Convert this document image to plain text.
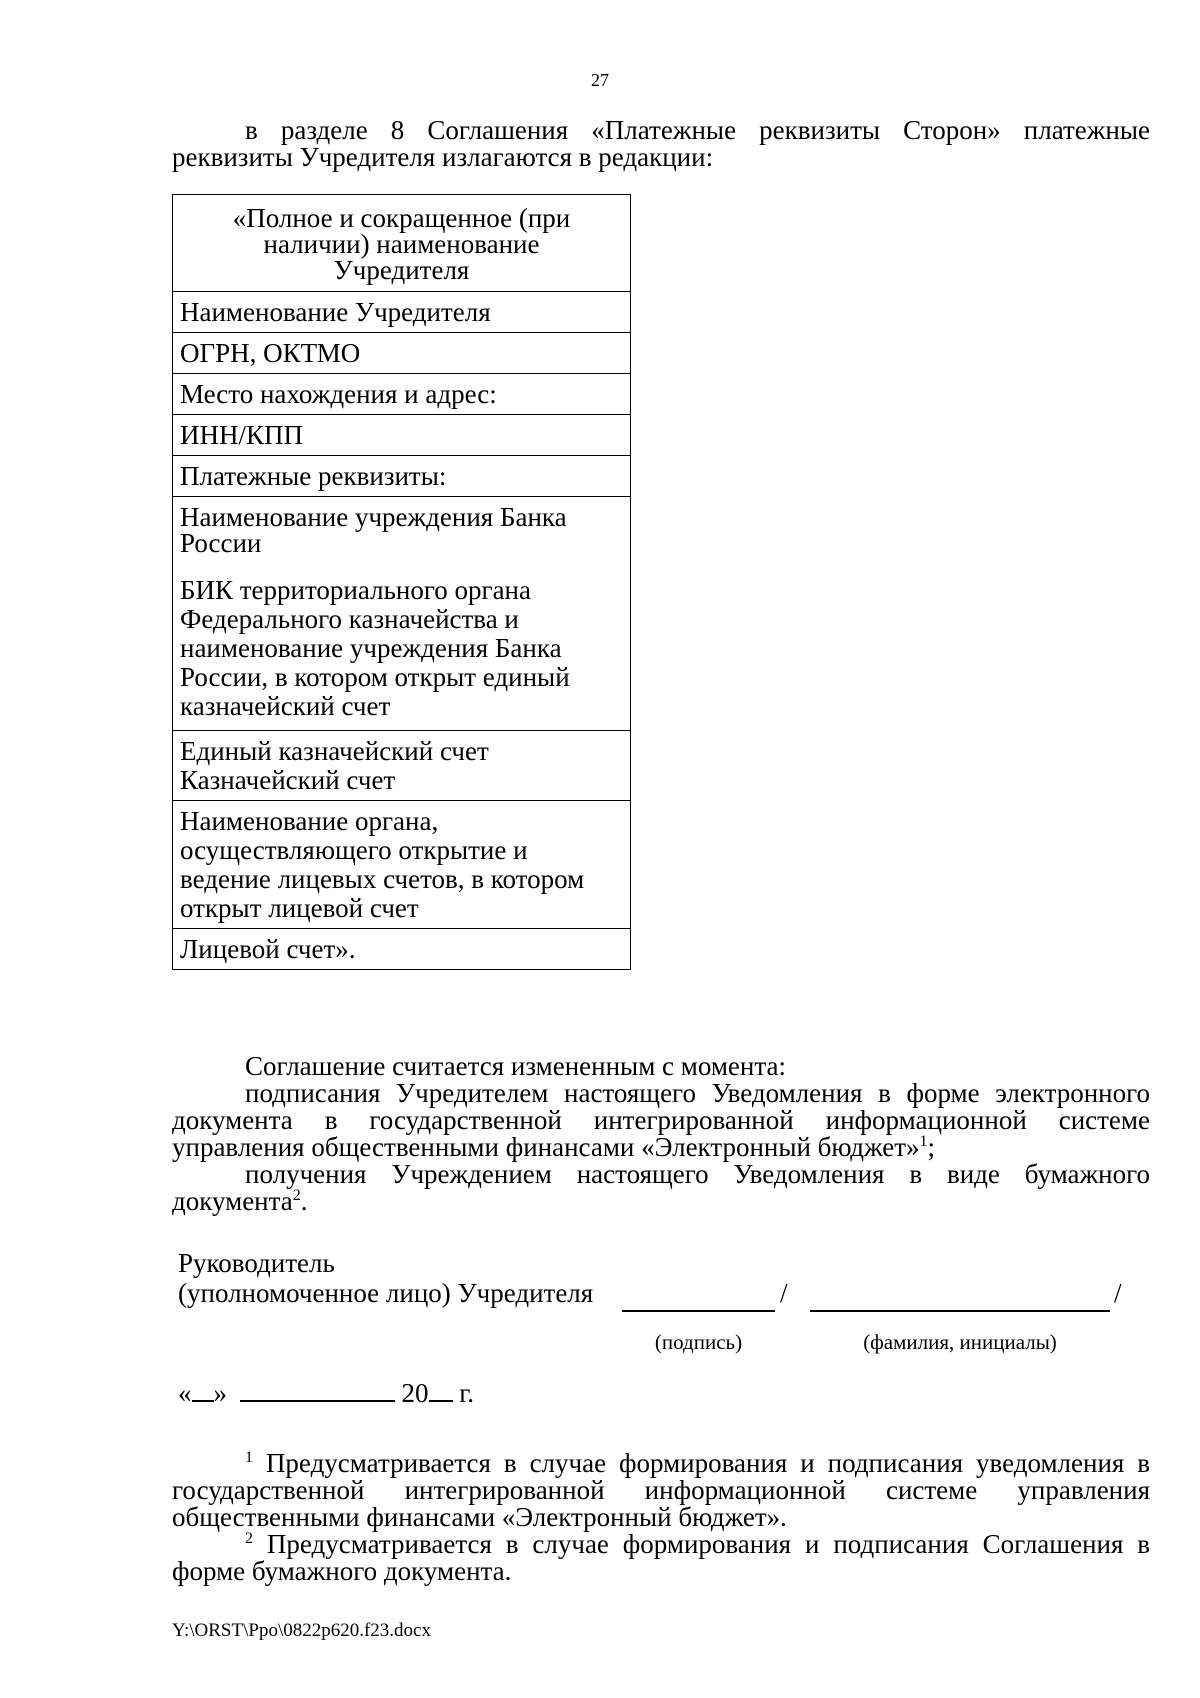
27
в разделе 8 Соглашения «Платежные реквизиты Сторон» платежные реквизиты Учредителя излагаются в редакции:
«Полное и сокращенное (при наличии) наименование Учредителя
Наименование Учредителя
ОГРН, ОКТМО
Место нахождения и адрес:
ИНН/КПП
Платежные реквизиты:
Наименование учреждения Банка России
БИК территориального органа Федерального казначейства и наименование учреждения Банка России, в котором открыт единый казначейский счет
Единый казначейский счет
Казначейский счет
Наименование органа, осуществляющего открытие и ведение лицевых счетов, в котором открыт лицевой счет
Лицевой счет».
Соглашение считается измененным с момента:
подписания Учредителем настоящего Уведомления в форме электронного документа в государственной интегрированной информационной системе управления общественными финансами «Электронный бюджет»$^1$;
получения Учреждением настоящего Уведомления в виде бумажного документа$^2$.
Руководитель
(уполномоченное лицо) Учредителя	/	/
(подпись)	(фамилия, инициалы)
« »	20 г.
$^1$ Предусматривается в случае формирования и подписания уведомления в государственной интегрированной информационной системе управления общественными финансами «Электронный бюджет».
$^2$ Предусматривается в случае формирования и подписания Соглашения в форме бумажного документа.
Y:\ORST\Ppo\0822p620.f23.docx
